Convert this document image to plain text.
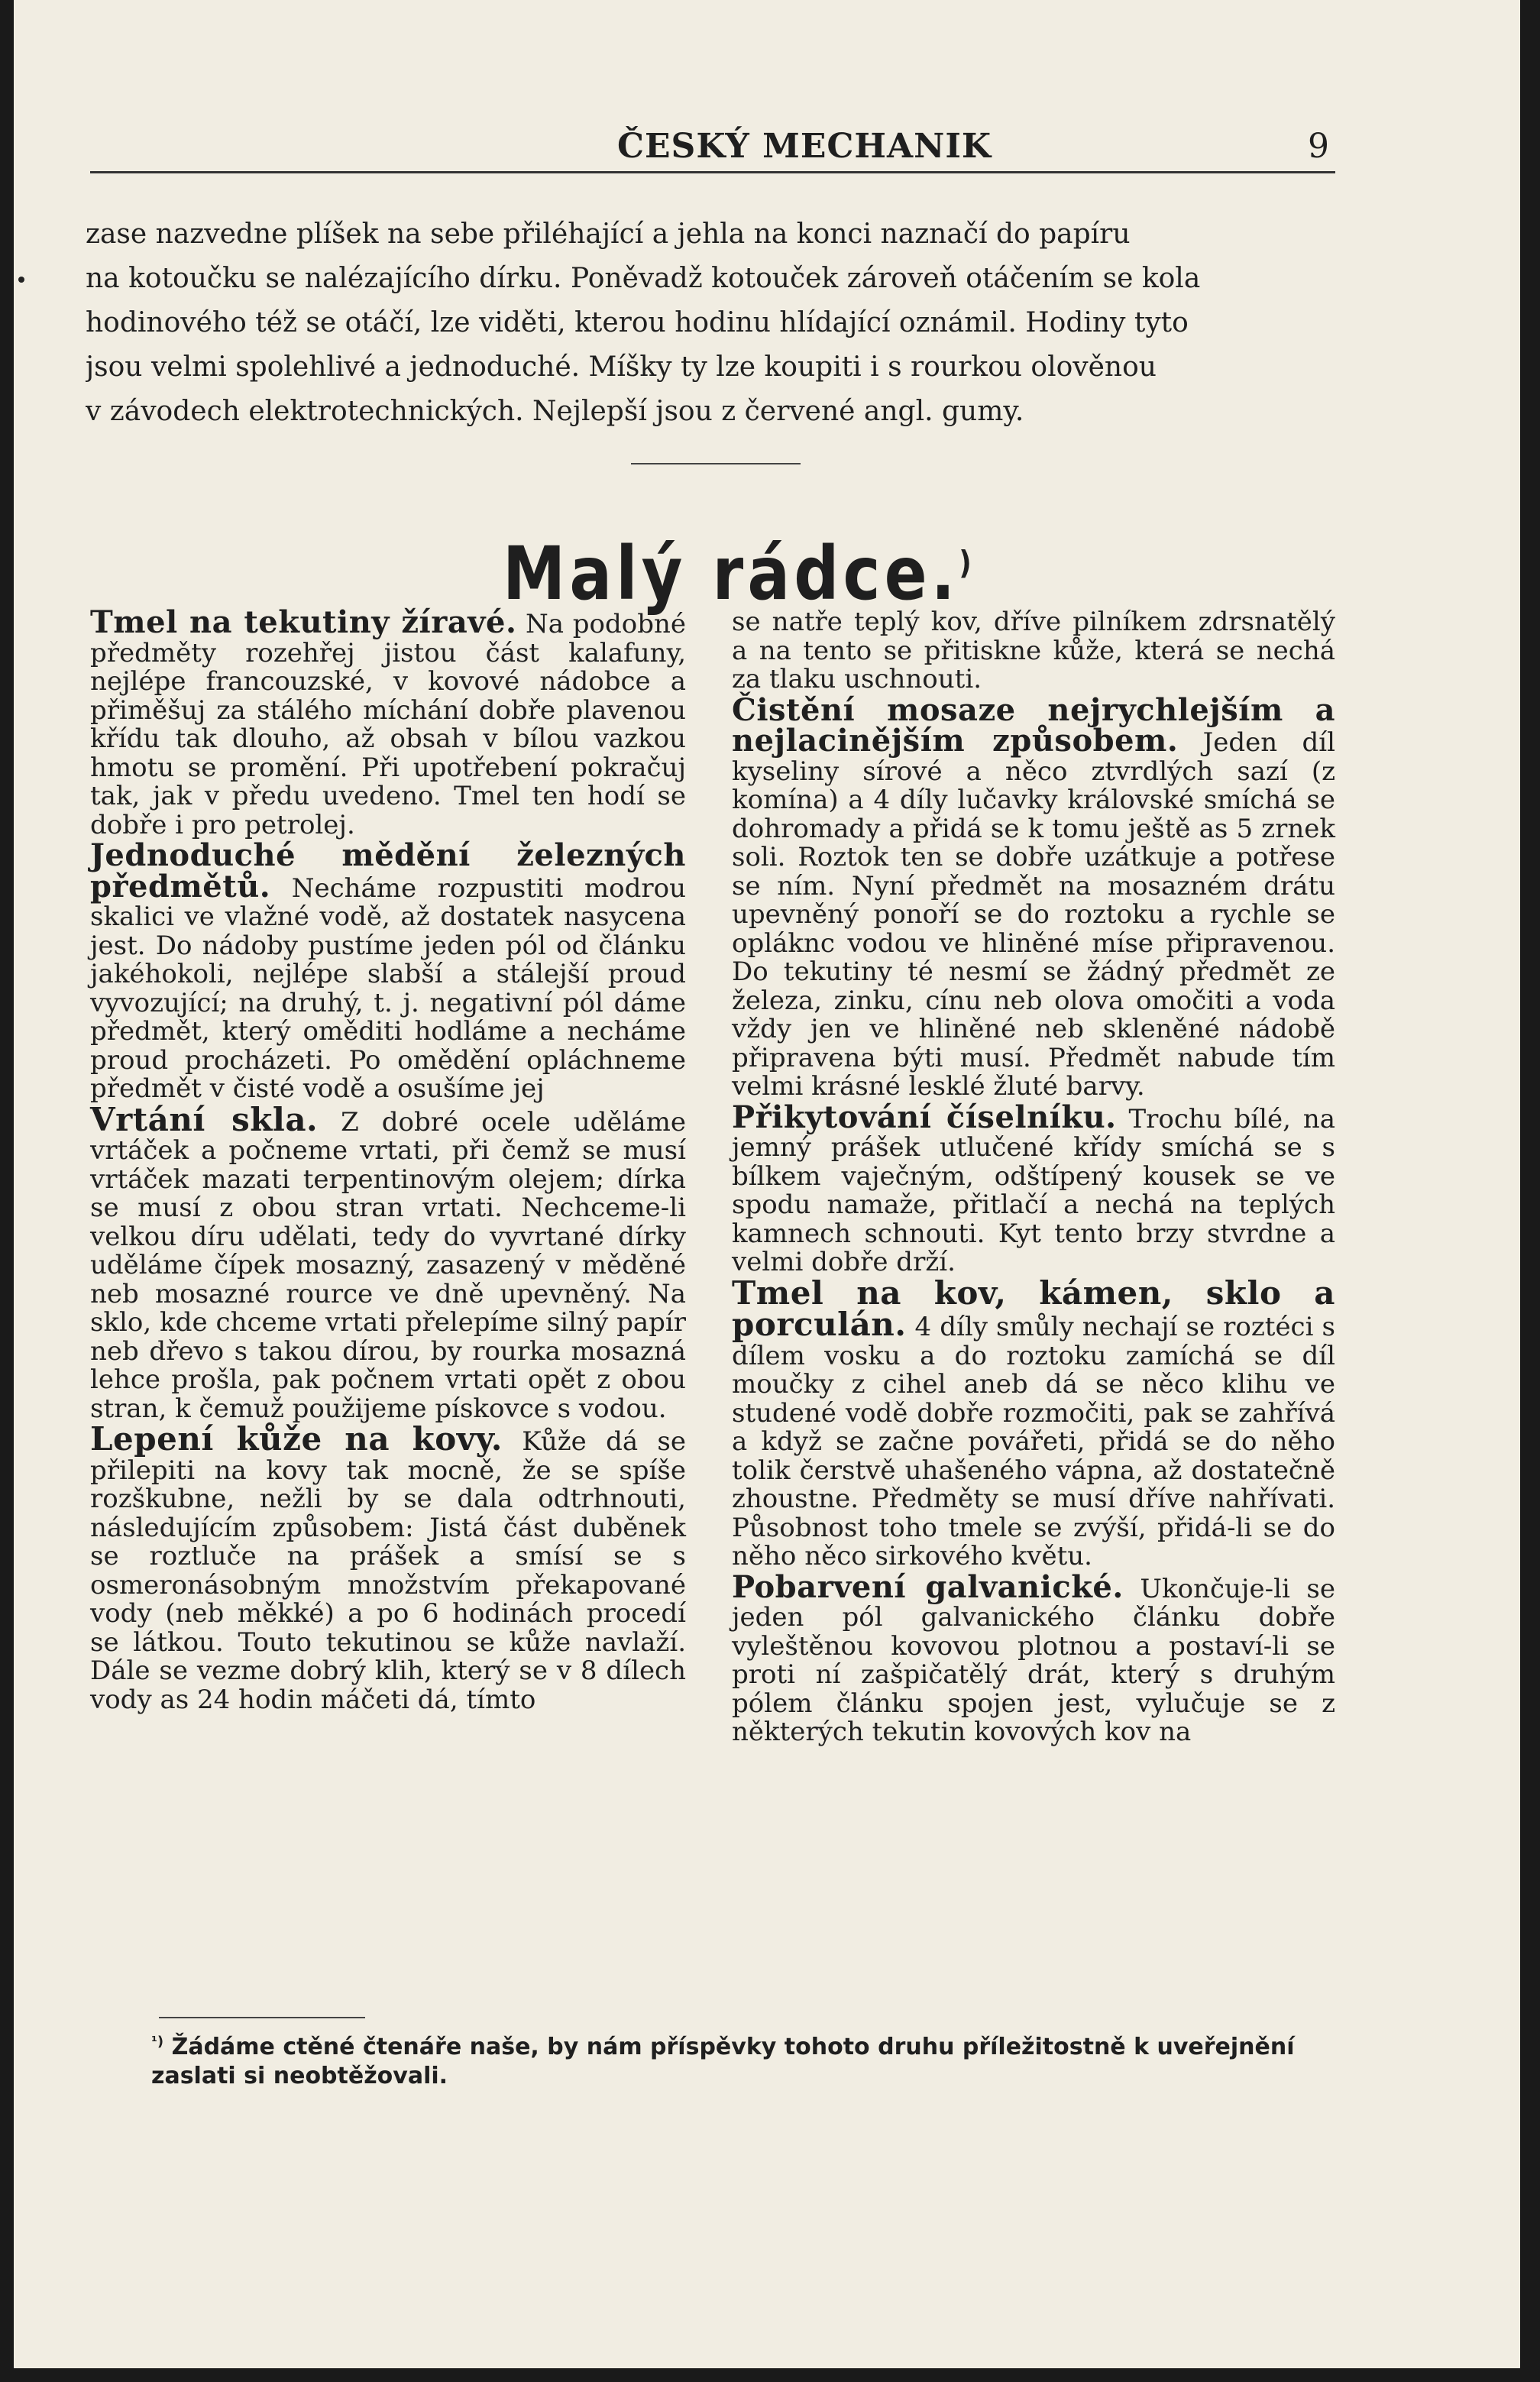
ČESKÝ MECHANIK	9
zase nazvedne plíšek na sebe přiléhající a jehla na konci naznačí do papíru
na kotoučku se nalézajícího dírku. Poněvadž kotouček zároveň otáčením se kola
hodinového též se otáčí, lze viděti, kterou hodinu hlídající oznámil. Hodiny tyto
jsou velmi spolehlivé a jednoduché. Míšky ty lze koupiti i s rourkou olověnou
v závodech elektrotechnických. Nejlepší jsou z červené angl. gumy.
Malý rádce.)

Tmel na tekutiny žíravé. Na podobné předměty rozehřej jistou část kalafuny, nejlépe francouzské, v kovové nádobce a přiměšuj za stálého míchání dobře plavenou křídu tak dlouho, až obsah v bílou vazkou hmotu se promění. Při upotřebení pokračuj tak, jak v předu uvedeno. Tmel ten hodí se dobře i pro petrolej.

Jednoduché mědění železných předmětů. Necháme rozpustiti modrou skalici ve vlažné vodě, až dostatek nasycena jest. Do nádoby pustíme jeden pól od článku jakéhokoli, nejlépe slabší a stálejší proud vyvozující; na druhý, t. j. negativní pól dáme předmět, který oměditi hodláme a necháme proud procházeti. Po omědění opláchneme předmět v čisté vodě a osušíme jej

Vrtání skla. Z dobré ocele uděláme vrtáček a počneme vrtati, při čemž se musí vrtáček mazati terpentinovým olejem; dírka se musí z obou stran vrtati. Nechceme-li velkou díru udělati, tedy do vyvrtané dírky uděláme čípek mosazný, zasazený v měděné neb mosazné rource ve dně upevněný. Na sklo, kde chceme vrtati přelepíme silný papír neb dřevo s takou dírou, by rourka mosazná lehce prošla, pak počnem vrtati opět z obou stran, k čemuž použijeme pískovce s vodou.

Lepení kůže na kovy. Kůže dá se přilepiti na kovy tak mocně, že se spíše rozškubne, nežli by se dala odtrhnouti, následujícím způsobem: Jistá část duběnek se roztluče na prášek a smísí se s osmeronásobným množstvím překapované vody (neb měkké) a po 6 hodinách procedí se látkou. Touto tekutinou se kůže navlaží. Dále se vezme dobrý klih, který se v 8 dílech vody as 24 hodin máčeti dá, tímto

se natře teplý kov, dříve pilníkem zdrsnatělý a na tento se přitiskne kůže, která se nechá za tlaku uschnouti.

Čistění mosaze nejrychlejším a nejlacinějším způsobem. Jeden díl kyseliny sírové a něco ztvrdlých sazí (z komína) a 4 díly lučavky královské smíchá se dohromady a přidá se k tomu ještě as 5 zrnek soli. Roztok ten se dobře uzátkuje a potřese se ním. Nyní předmět na mosazném drátu upevněný ponoří se do roztoku a rychle se opláknc vodou ve hliněné míse připravenou. Do tekutiny té nesmí se žádný předmět ze železa, zinku, cínu neb olova omočiti a voda vždy jen ve hliněné neb skleněné nádobě připravena býti musí. Předmět nabude tím velmi krásné lesklé žluté barvy.

Přikytování číselníku. Trochu bílé, na jemný prášek utlučené křídy smíchá se s bílkem vaječným, odštípený kousek se ve spodu namaže, přitlačí a nechá na teplých kamnech schnouti. Kyt tento brzy stvrdne a velmi dobře drží.

Tmel na kov, kámen, sklo a porculán. 4 díly smůly nechají se roztéci s dílem vosku a do roztoku zamíchá se díl moučky z cihel aneb dá se něco klihu ve studené vodě dobře rozmočiti, pak se zahřívá a když se začne povářeti, přidá se do něho tolik čerstvě uhašeného vápna, až dostatečně zhoustne. Předměty se musí dříve nahřívati. Působnost toho tmele se zvýší, přidá-li se do něho něco sirkového květu.

Pobarvení galvanické. Ukončuje-li se jeden pól galvanického článku dobře vyleštěnou kovovou plotnou a postaví-li se proti ní zašpičatělý drát, který s druhým pólem článku spojen jest, vylučuje se z některých tekutin kovových kov na

$^{^1)}$ Žádáme ctěné čtenáře naše, by nám příspěvky tohoto druhu příležitostně k uveřejnění zaslati si neobtěžovali.
